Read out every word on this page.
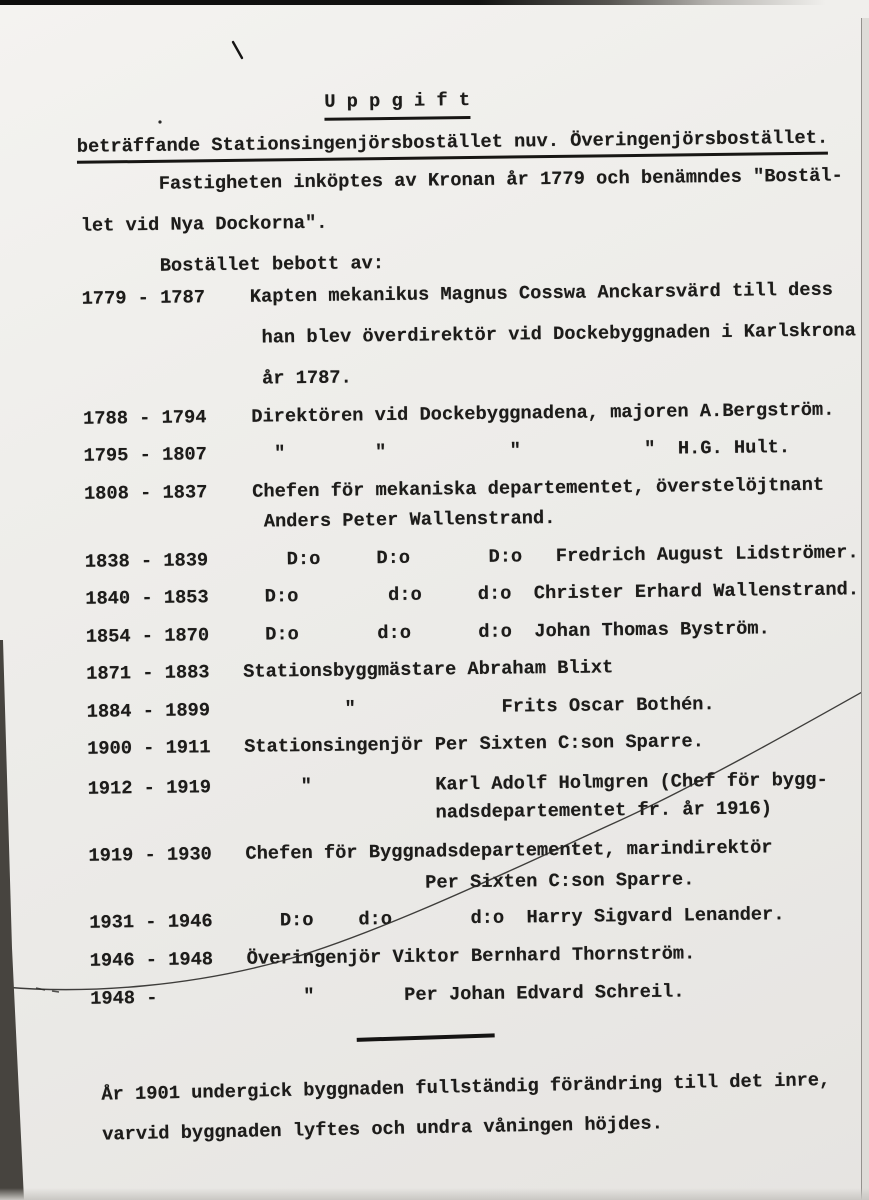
U p p g i f t
beträffande Stationsingenjörsbostället nuv. Överingenjörsbostället.
Fastigheten inköptes av Kronan år 1779 och benämndes "Bostäl-
let vid Nya Dockorna".
Bostället bebott av:
1779 - 1787 Kapten mekanikus Magnus Cosswa Anckarsvärd till dess
han blev överdirektör vid Dockebyggnaden i Karlskrona
år 1787.
1788 - 1794 Direktören vid Dockebyggnadena, majoren A.Bergström.
1795 - 1807 "        "           "           "  H.G. Hult.
1808 - 1837 Chefen för mekaniska departementet, överstelöjtnant
Anders Peter Wallenstrand.
1838 - 1839 D:o     D:o       D:o   Fredrich August Lidströmer.
1840 - 1853 D:o        d:o     d:o  Christer Erhard Wallenstrand.
1854 - 1870 D:o       d:o      d:o  Johan Thomas Byström.
1871 - 1883 Stationsbyggmästare Abraham Blixt
1884 - 1899 "             Frits Oscar Bothén.
1900 - 1911 Stationsingenjör Per Sixten C:son Sparre.
1912 - 1919 "           Karl Adolf Holmgren (Chef för bygg-
nadsdepartementet fr. år 1916)
1919 - 1930 Chefen för Byggnadsdepartementet, marindirektör
Per Sixten C:son Sparre.
1931 - 1946 D:o    d:o       d:o  Harry Sigvard Lenander.
1946 - 1948 Överingenjör Viktor Bernhard Thornström.
1948 -	"        Per Johan Edvard Schreil.
År 1901 undergick byggnaden fullständig förändring till det inre,
varvid byggnaden lyftes och undra våningen höjdes.
